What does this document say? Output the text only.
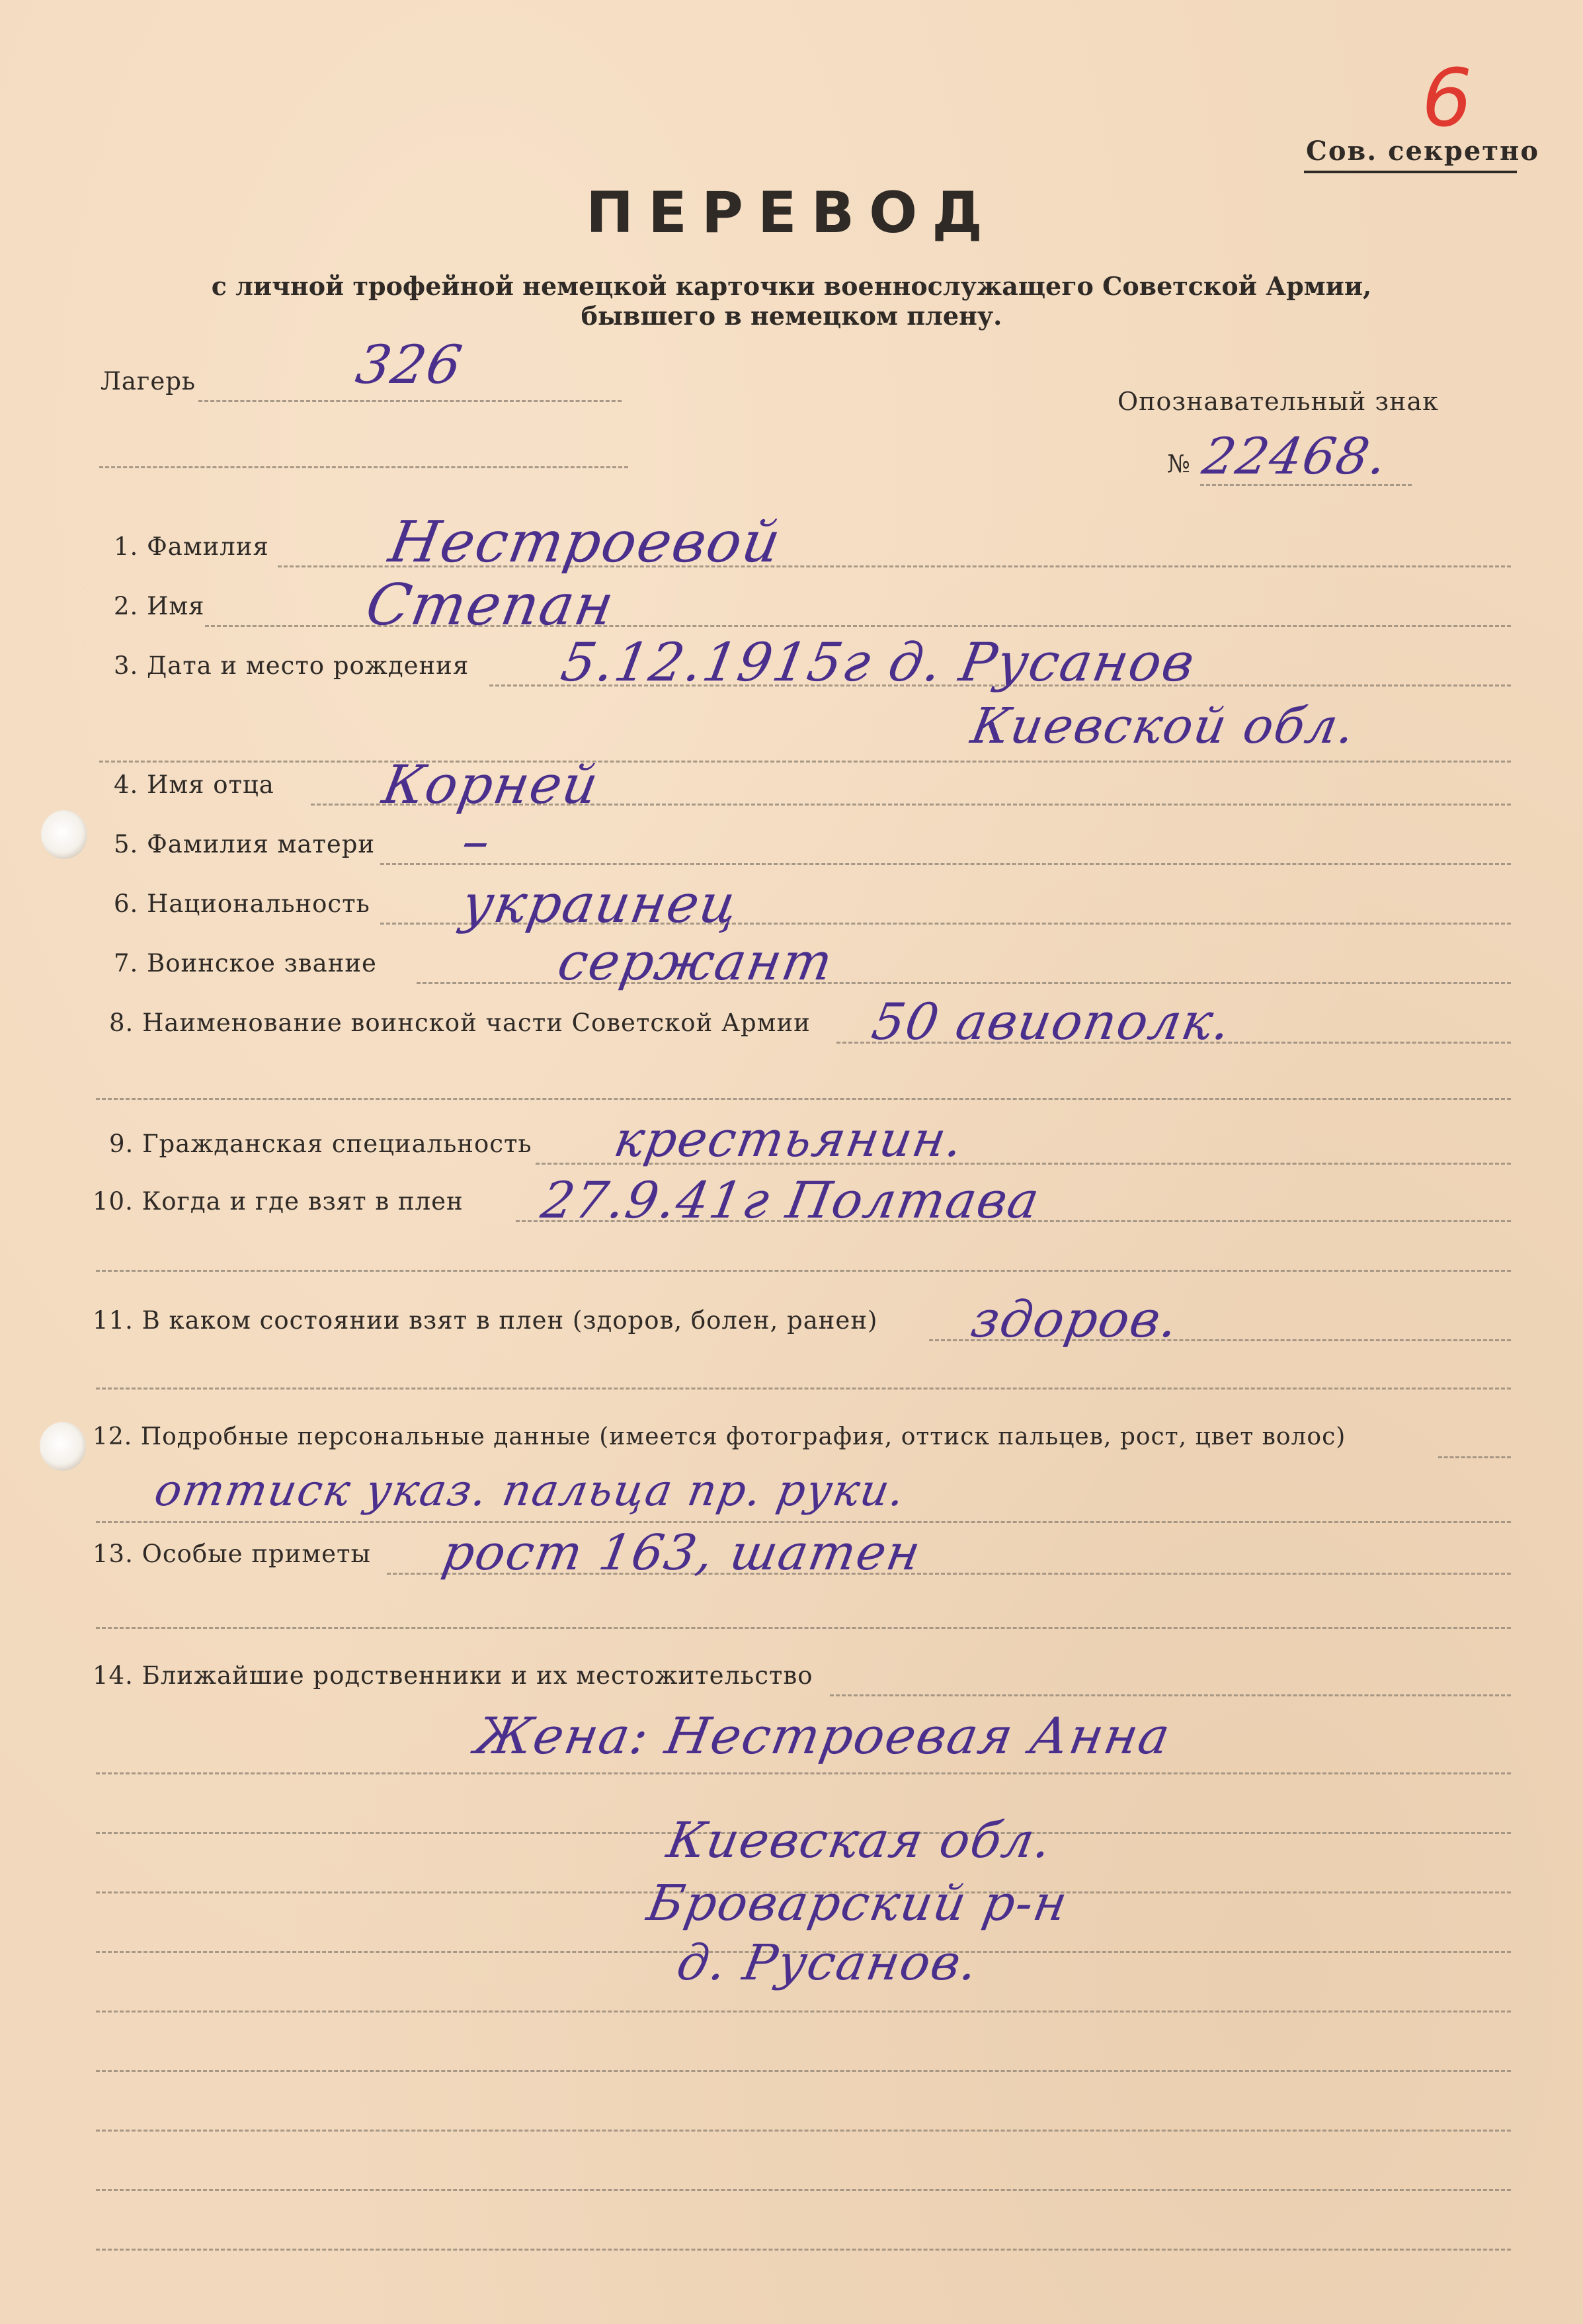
6
Сов. секретно
ПЕРЕВОД
с личной трофейной немецкой карточки военнослужащего Советской Армии,
бывшего в немецком плену.
Лагерь	326
Опознавательный знак
№ 22468.
1. Фамилия Нестроевой
2. Имя	Степан
3. Дата и место рождения 5.12.1915г д. Русанов
Киевской обл.
4. Имя отца Корней
5. Фамилия матери –
6. Национальность украинец
7. Воинское звание	сержант
8. Наименование воинской части Советской Армии 50 авиополк.
9. Гражданская специальность крестьянин.
10. Когда и где взят в плен 27.9.41г Полтава
11. В каком состоянии взят в плен (здоров, болен, ранен) здоров.
12. Подробные персональные данные (имеется фотография, оттиск пальцев, рост, цвет волос)
оттиск указ. пальца пр. руки.
13. Особые приметы рост 163, шатен
14. Ближайшие родственники и их местожительство
Жена: Нестроевая Анна
Киевская обл.
Броварский р-н
д. Русанов.
